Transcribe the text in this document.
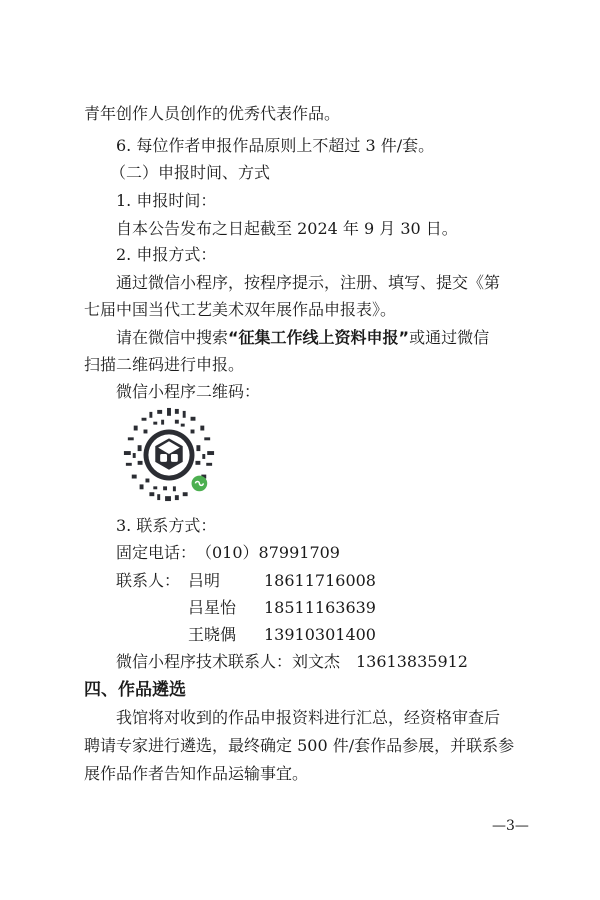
青年创作人员创作的优秀代表作品。
6. 每位作者申报作品原则上不超过 3 件/套。
（二）申报时间、方式
1. 申报时间：
自本公告发布之日起截至 2024 年 9 月 30 日。
2. 申报方式：
通过微信小程序，按程序提示，注册、填写、提交《第
七届中国当代工艺美术双年展作品申报表》。
请在微信中搜索“征集工作线上资料申报”或通过微信
扫描二维码进行申报。
微信小程序二维码：
3. 联系方式：
固定电话： （010）87991709
联系人： 吕明	18611716008
吕星怡 18511163639
王晓偶 13910301400
微信小程序技术联系人：刘文杰　13613835912
四、作品遴选
我馆将对收到的作品申报资料进行汇总，经资格审查后
聘请专家进行遴选，最终确定 500 件/套作品参展，并联系参
展作品作者告知作品运输事宜。
—3—
